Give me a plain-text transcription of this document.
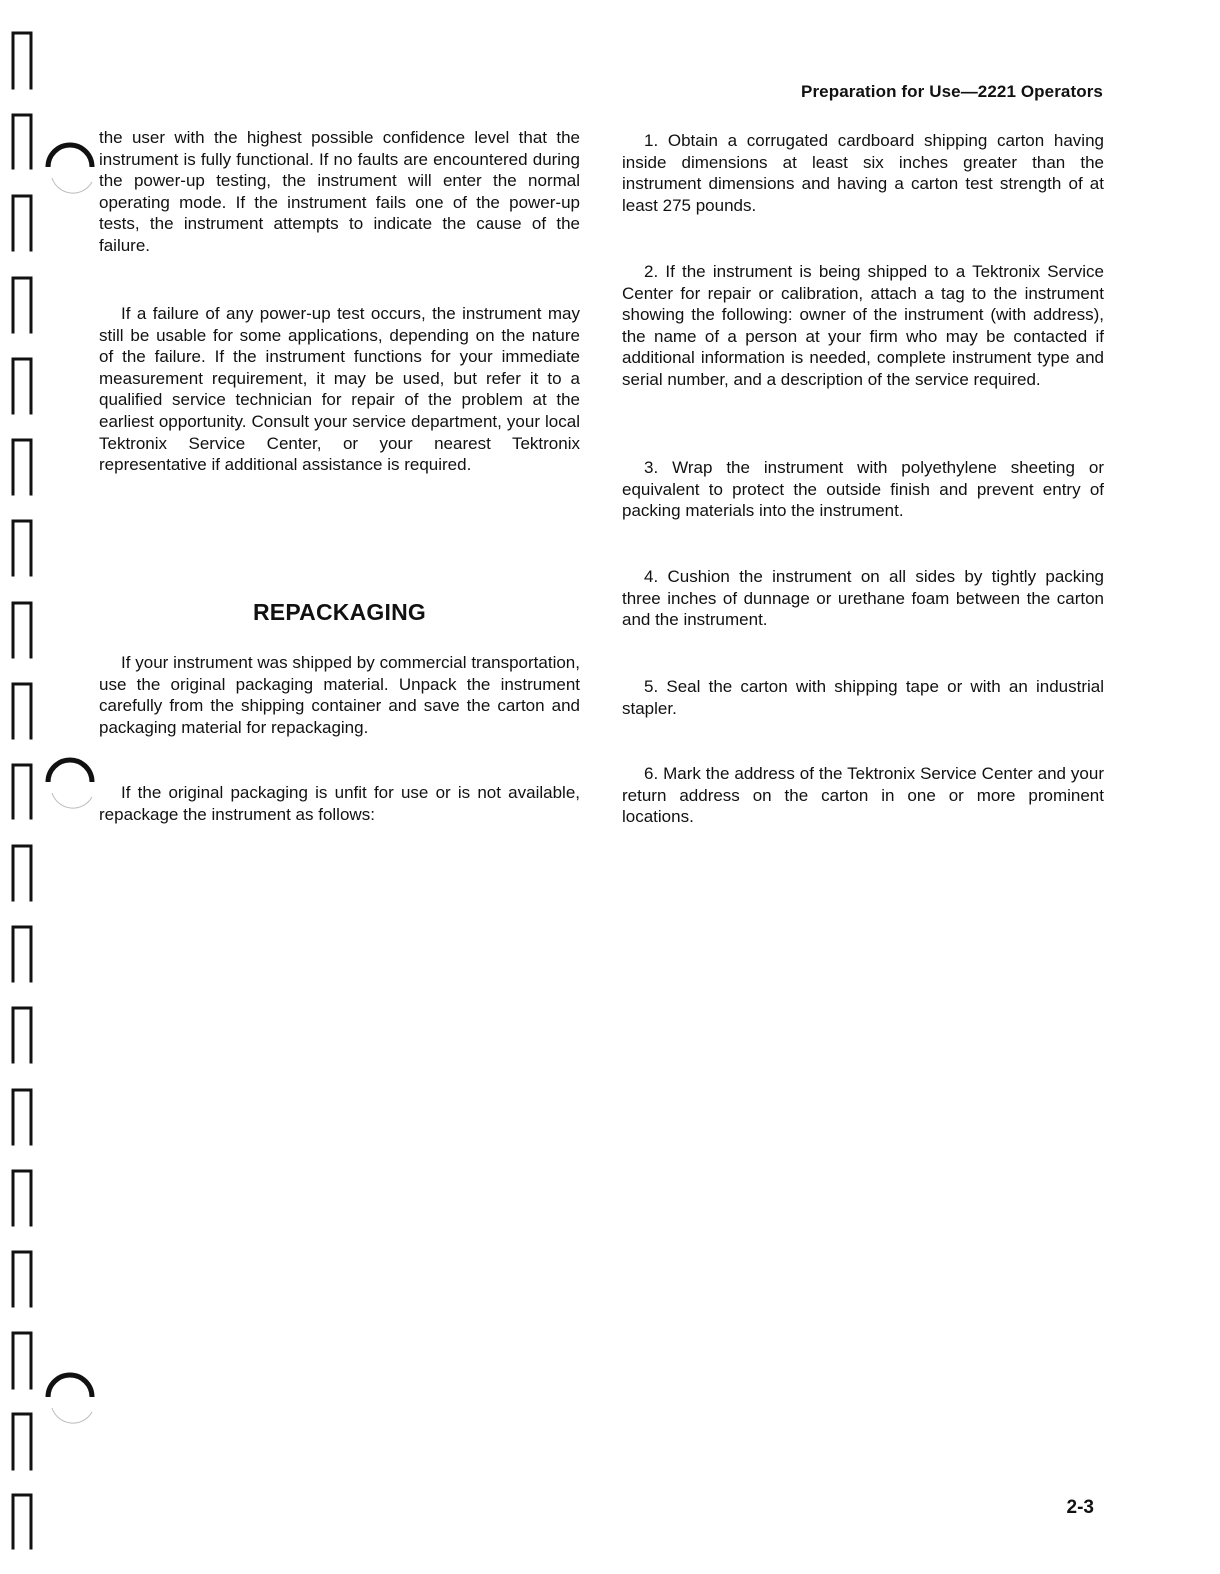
Preparation for Use—2221 Operators

the user with the highest possible confidence level that the instrument is fully functional. If no faults are encountered during the power-up testing, the instrument will enter the normal operating mode. If the instrument fails one of the power-up tests, the instrument attempts to indicate the cause of the failure.

If a failure of any power-up test occurs, the instrument may still be usable for some applications, depending on the nature of the failure. If the instrument functions for your immediate measurement requirement, it may be used, but refer it to a qualified service technician for repair of the problem at the earliest opportunity. Consult your service department, your local Tektronix Service Center, or your nearest Tektronix representative if additional assistance is required.

REPACKAGING

If your instrument was shipped by commercial transportation, use the original packaging material. Unpack the instrument carefully from the shipping container and save the carton and packaging material for repackaging.

If the original packaging is unfit for use or is not available, repackage the instrument as follows:

1. Obtain a corrugated cardboard shipping carton having inside dimensions at least six inches greater than the instrument dimensions and having a carton test strength of at least 275 pounds.

2. If the instrument is being shipped to a Tektronix Service Center for repair or calibration, attach a tag to the instrument showing the following: owner of the instrument (with address), the name of a person at your firm who may be contacted if additional information is needed, complete instrument type and serial number, and a description of the service required.

3. Wrap the instrument with polyethylene sheeting or equivalent to protect the outside finish and prevent entry of packing materials into the instrument.

4. Cushion the instrument on all sides by tightly packing three inches of dunnage or urethane foam between the carton and the instrument.

5. Seal the carton with shipping tape or with an industrial stapler.

6. Mark the address of the Tektronix Service Center and your return address on the carton in one or more prominent locations.

2-3
